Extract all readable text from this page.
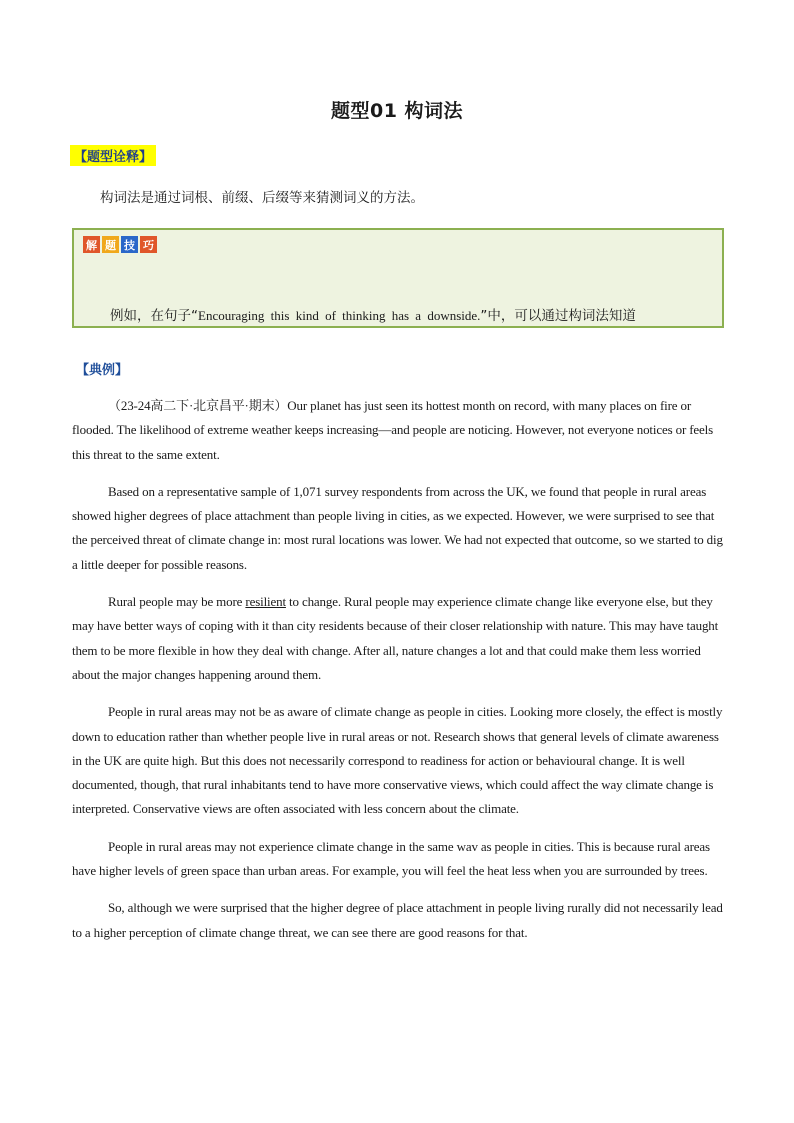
题型01 构词法
【题型诠释】
构词法是通过词根、前缀、后缀等来猜测词义的方法。
解 题 技 巧
例如，在句子“Encouraging this kind of thinking has a downside.”中，可以通过构词法知道
【典例】

（23-24高二下·北京昌平·期末）Our planet has just seen its hottest month on record, with many places on fire or flooded. The likelihood of extreme weather keeps increasing—and people are noticing. However, not everyone notices or feels this threat to the same extent.

Based on a representative sample of 1,071 survey respondents from across the UK, we found that people in rural areas showed higher degrees of place attachment than people living in cities, as we expected. However, we were surprised to see that the perceived threat of climate change in: most rural locations was lower. We had not expected that outcome, so we started to dig a little deeper for possible reasons.

Rural people may be more resilient to change. Rural people may experience climate change like everyone else, but they may have better ways of coping with it than city residents because of their closer relationship with nature. This may have taught them to be more flexible in how they deal with change. After all, nature changes a lot and that could make them less worried about the major changes happening around them.

People in rural areas may not be as aware of climate change as people in cities. Looking more closely, the effect is mostly down to education rather than whether people live in rural areas or not. Research shows that general levels of climate awareness in the UK are quite high. But this does not necessarily correspond to readiness for action or behavioural change. It is well documented, though, that rural inhabitants tend to have more conservative views, which could affect the way climate change is interpreted. Conservative views are often associated with less concern about the climate.

People in rural areas may not experience climate change in the same wav as people in cities. This is because rural areas have higher levels of green space than urban areas. For example, you will feel the heat less when you are surrounded by trees.

So, although we were surprised that the higher degree of place attachment in people living rurally did not necessarily lead to a higher perception of climate change threat, we can see there are good reasons for that.
